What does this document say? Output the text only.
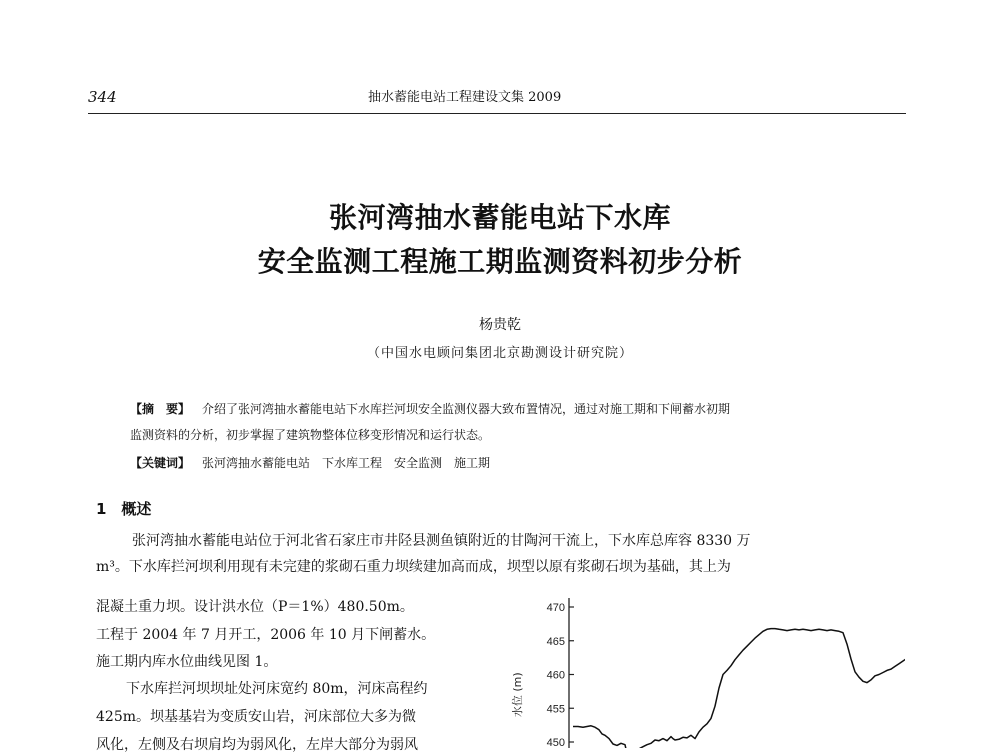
344	抽水蓄能电站工程建设文集 2009
张河湾抽水蓄能电站下水库
安全监测工程施工期监测资料初步分析
杨贵乾
（中国水电顾问集团北京勘测设计研究院）
【摘　要】  介绍了张河湾抽水蓄能电站下水库拦河坝安全监测仪器大致布置情况，通过对施工期和下闸蓄水初期
监测资料的分析，初步掌握了建筑物整体位移变形情况和运行状态。
【关键词】  张河湾抽水蓄能电站　下水库工程　安全监测　施工期
1　概述
张河湾抽水蓄能电站位于河北省石家庄市井陉县测鱼镇附近的甘陶河干流上，下水库总库容 8330 万
m³。下水库拦河坝利用现有未完建的浆砌石重力坝续建加高而成，坝型以原有浆砌石坝为基础，其上为
混凝土重力坝。设计洪水位（P＝1%）480.50m。
工程于 2004 年 7 月开工，2006 年 10 月下闸蓄水。
施工期内库水位曲线见图 1。
下水库拦河坝坝址处河床宽约 80m，河床高程约
425m。坝基基岩为变质安山岩，河床部位大多为微
风化，左侧及右坝肩均为弱风化，左岸大部分为弱风	450
455
460
465
470
水位 (m)
